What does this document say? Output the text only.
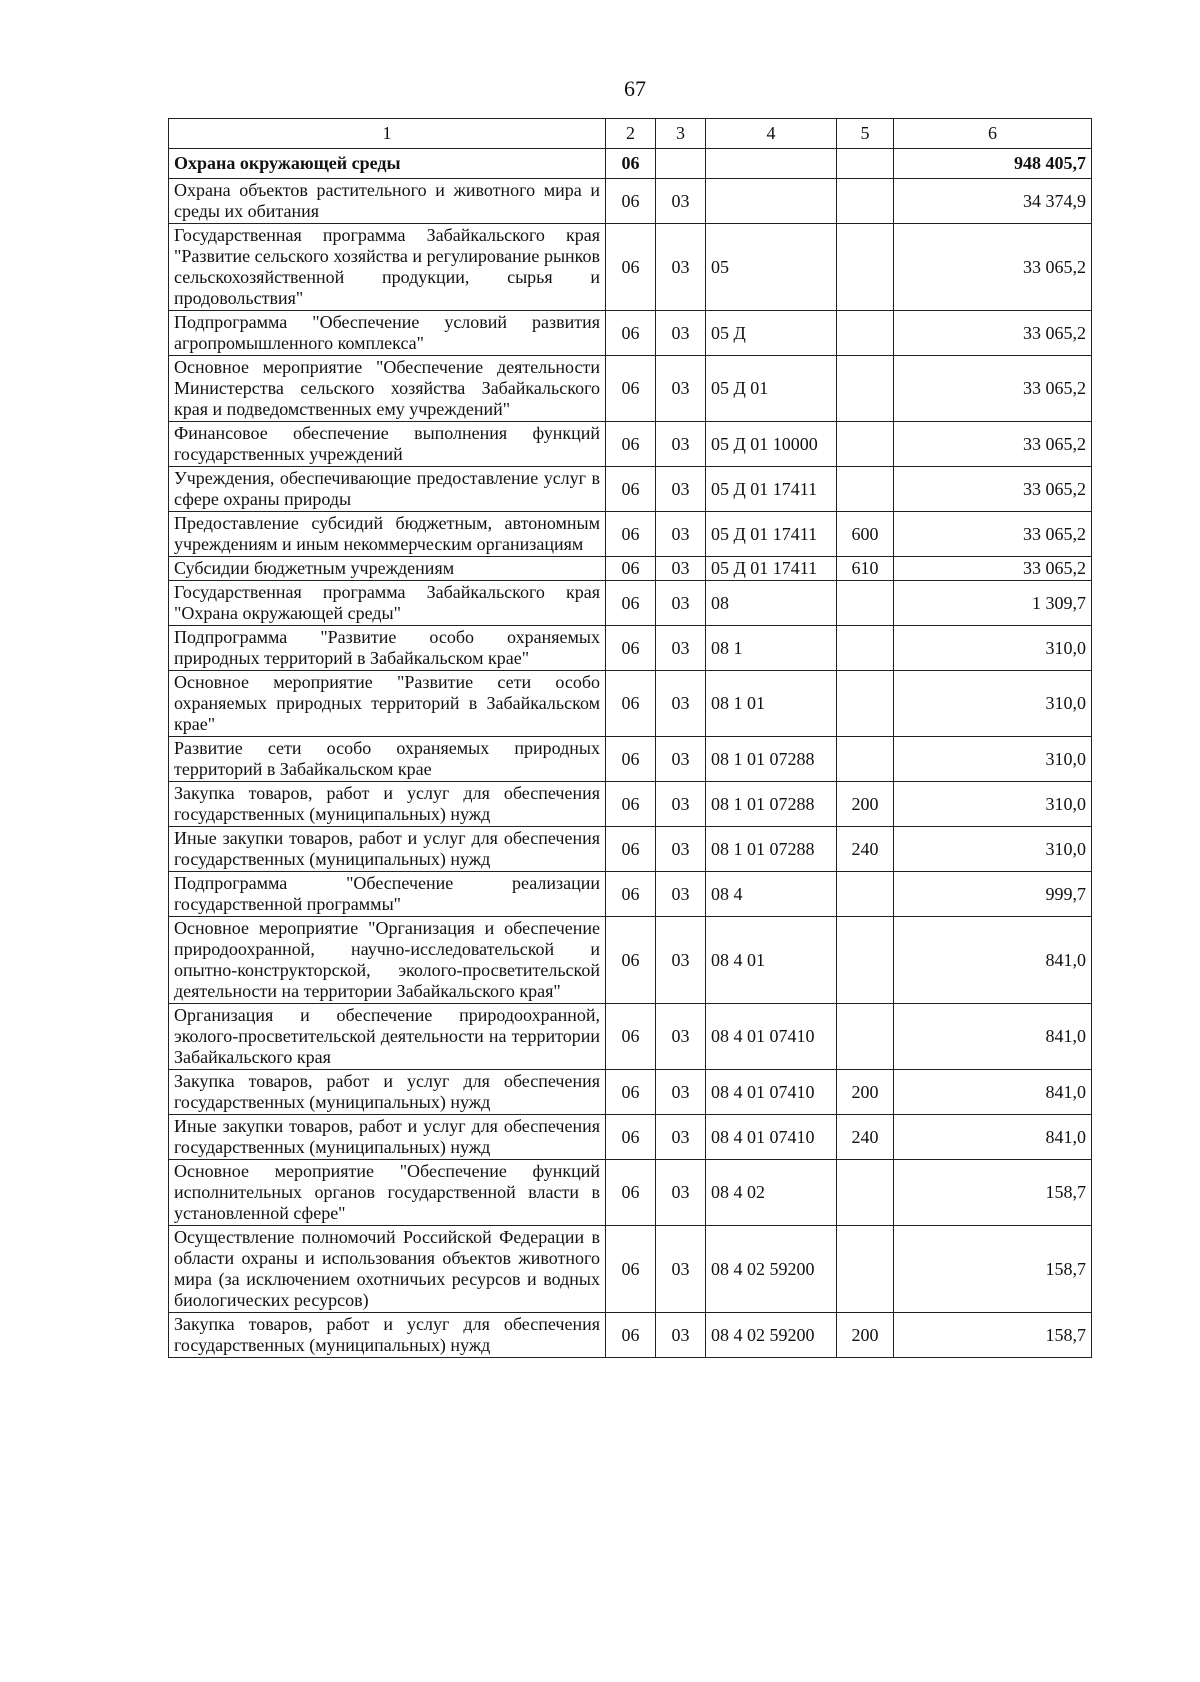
67
1	2	3	4	5	6
Охрана окружающей среды	06				948 405,7
Охрана объектов растительного и животного мира и среды их обитания	06	03			34 374,9
Государственная программа Забайкальского края "Развитие сельского хозяйства и регулирование рынков сельскохозяйственной продукции, сырья и продовольствия"	06	03	05		33 065,2
Подпрограмма "Обеспечение условий развития агропромышленного комплекса"	06	03	05 Д		33 065,2
Основное мероприятие "Обеспечение деятельности Министерства сельского хозяйства Забайкальского края и подведомственных ему учреждений"	06	03	05 Д 01		33 065,2
Финансовое обеспечение выполнения функций государственных учреждений	06	03	05 Д 01 10000		33 065,2
Учреждения, обеспечивающие предоставление услуг в сфере охраны природы	06	03	05 Д 01 17411		33 065,2
Предоставление субсидий бюджетным, автономным учреждениям и иным некоммерческим организациям	06	03	05 Д 01 17411	600	33 065,2
Субсидии бюджетным учреждениям	06	03	05 Д 01 17411	610	33 065,2
Государственная программа Забайкальского края "Охрана окружающей среды"	06	03	08		1 309,7
Подпрограмма "Развитие особо охраняемых природных территорий в Забайкальском крае"	06	03	08 1		310,0
Основное мероприятие "Развитие сети особо охраняемых природных территорий в Забайкальском крае"	06	03	08 1 01		310,0
Развитие сети особо охраняемых природных территорий в Забайкальском крае	06	03	08 1 01 07288		310,0
Закупка товаров, работ и услуг для обеспечения государственных (муниципальных) нужд	06	03	08 1 01 07288	200	310,0
Иные закупки товаров, работ и услуг для обеспечения государственных (муниципальных) нужд	06	03	08 1 01 07288	240	310,0
Подпрограмма "Обеспечение реализации государственной программы"	06	03	08 4		999,7
Основное мероприятие "Организация и обеспечение природоохранной, научно-исследовательской и опытно-конструкторской, эколого-просветительской деятельности на территории Забайкальского края"	06	03	08 4 01		841,0
Организация и обеспечение природоохранной, эколого-просветительской деятельности на территории Забайкальского края	06	03	08 4 01 07410		841,0
Закупка товаров, работ и услуг для обеспечения государственных (муниципальных) нужд	06	03	08 4 01 07410	200	841,0
Иные закупки товаров, работ и услуг для обеспечения государственных (муниципальных) нужд	06	03	08 4 01 07410	240	841,0
Основное мероприятие "Обеспечение функций исполнительных органов государственной власти в установленной сфере"	06	03	08 4 02		158,7
Осуществление полномочий Российской Федерации в области охраны и использования объектов животного мира (за исключением охотничьих ресурсов и водных биологических ресурсов)	06	03	08 4 02 59200		158,7
Закупка товаров, работ и услуг для обеспечения государственных (муниципальных) нужд	06	03	08 4 02 59200	200	158,7
